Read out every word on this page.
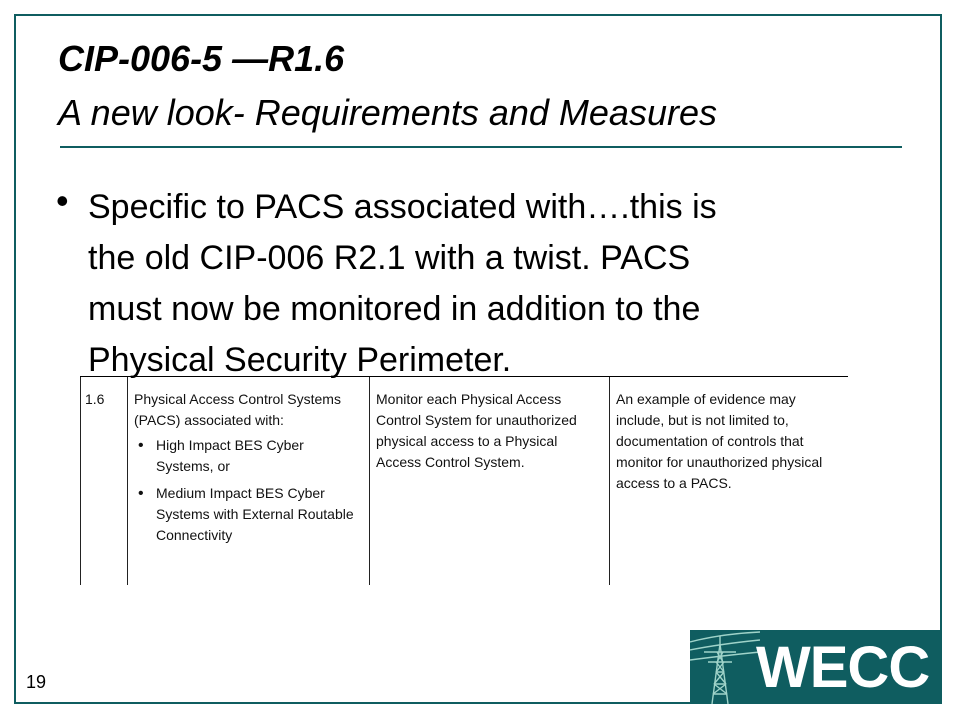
CIP-006-5 —R1.6
A new look- Requirements and Measures
• Specific to PACS associated with….this is
the old CIP-006 R2.1 with a twist. PACS
must now be monitored in addition to the
Physical Security Perimeter.

1.6	Physical Access Control Systems (PACS) associated with:

• High Impact BES Cyber Systems, or
• Medium Impact BES Cyber Systems with External Routable Connectivity

Monitor each Physical Access Control System for unauthorized physical access to a Physical Access Control System.

An example of evidence may include, but is not limited to, documentation of controls that monitor for unauthorized physical access to a PACS.

19	WECC
